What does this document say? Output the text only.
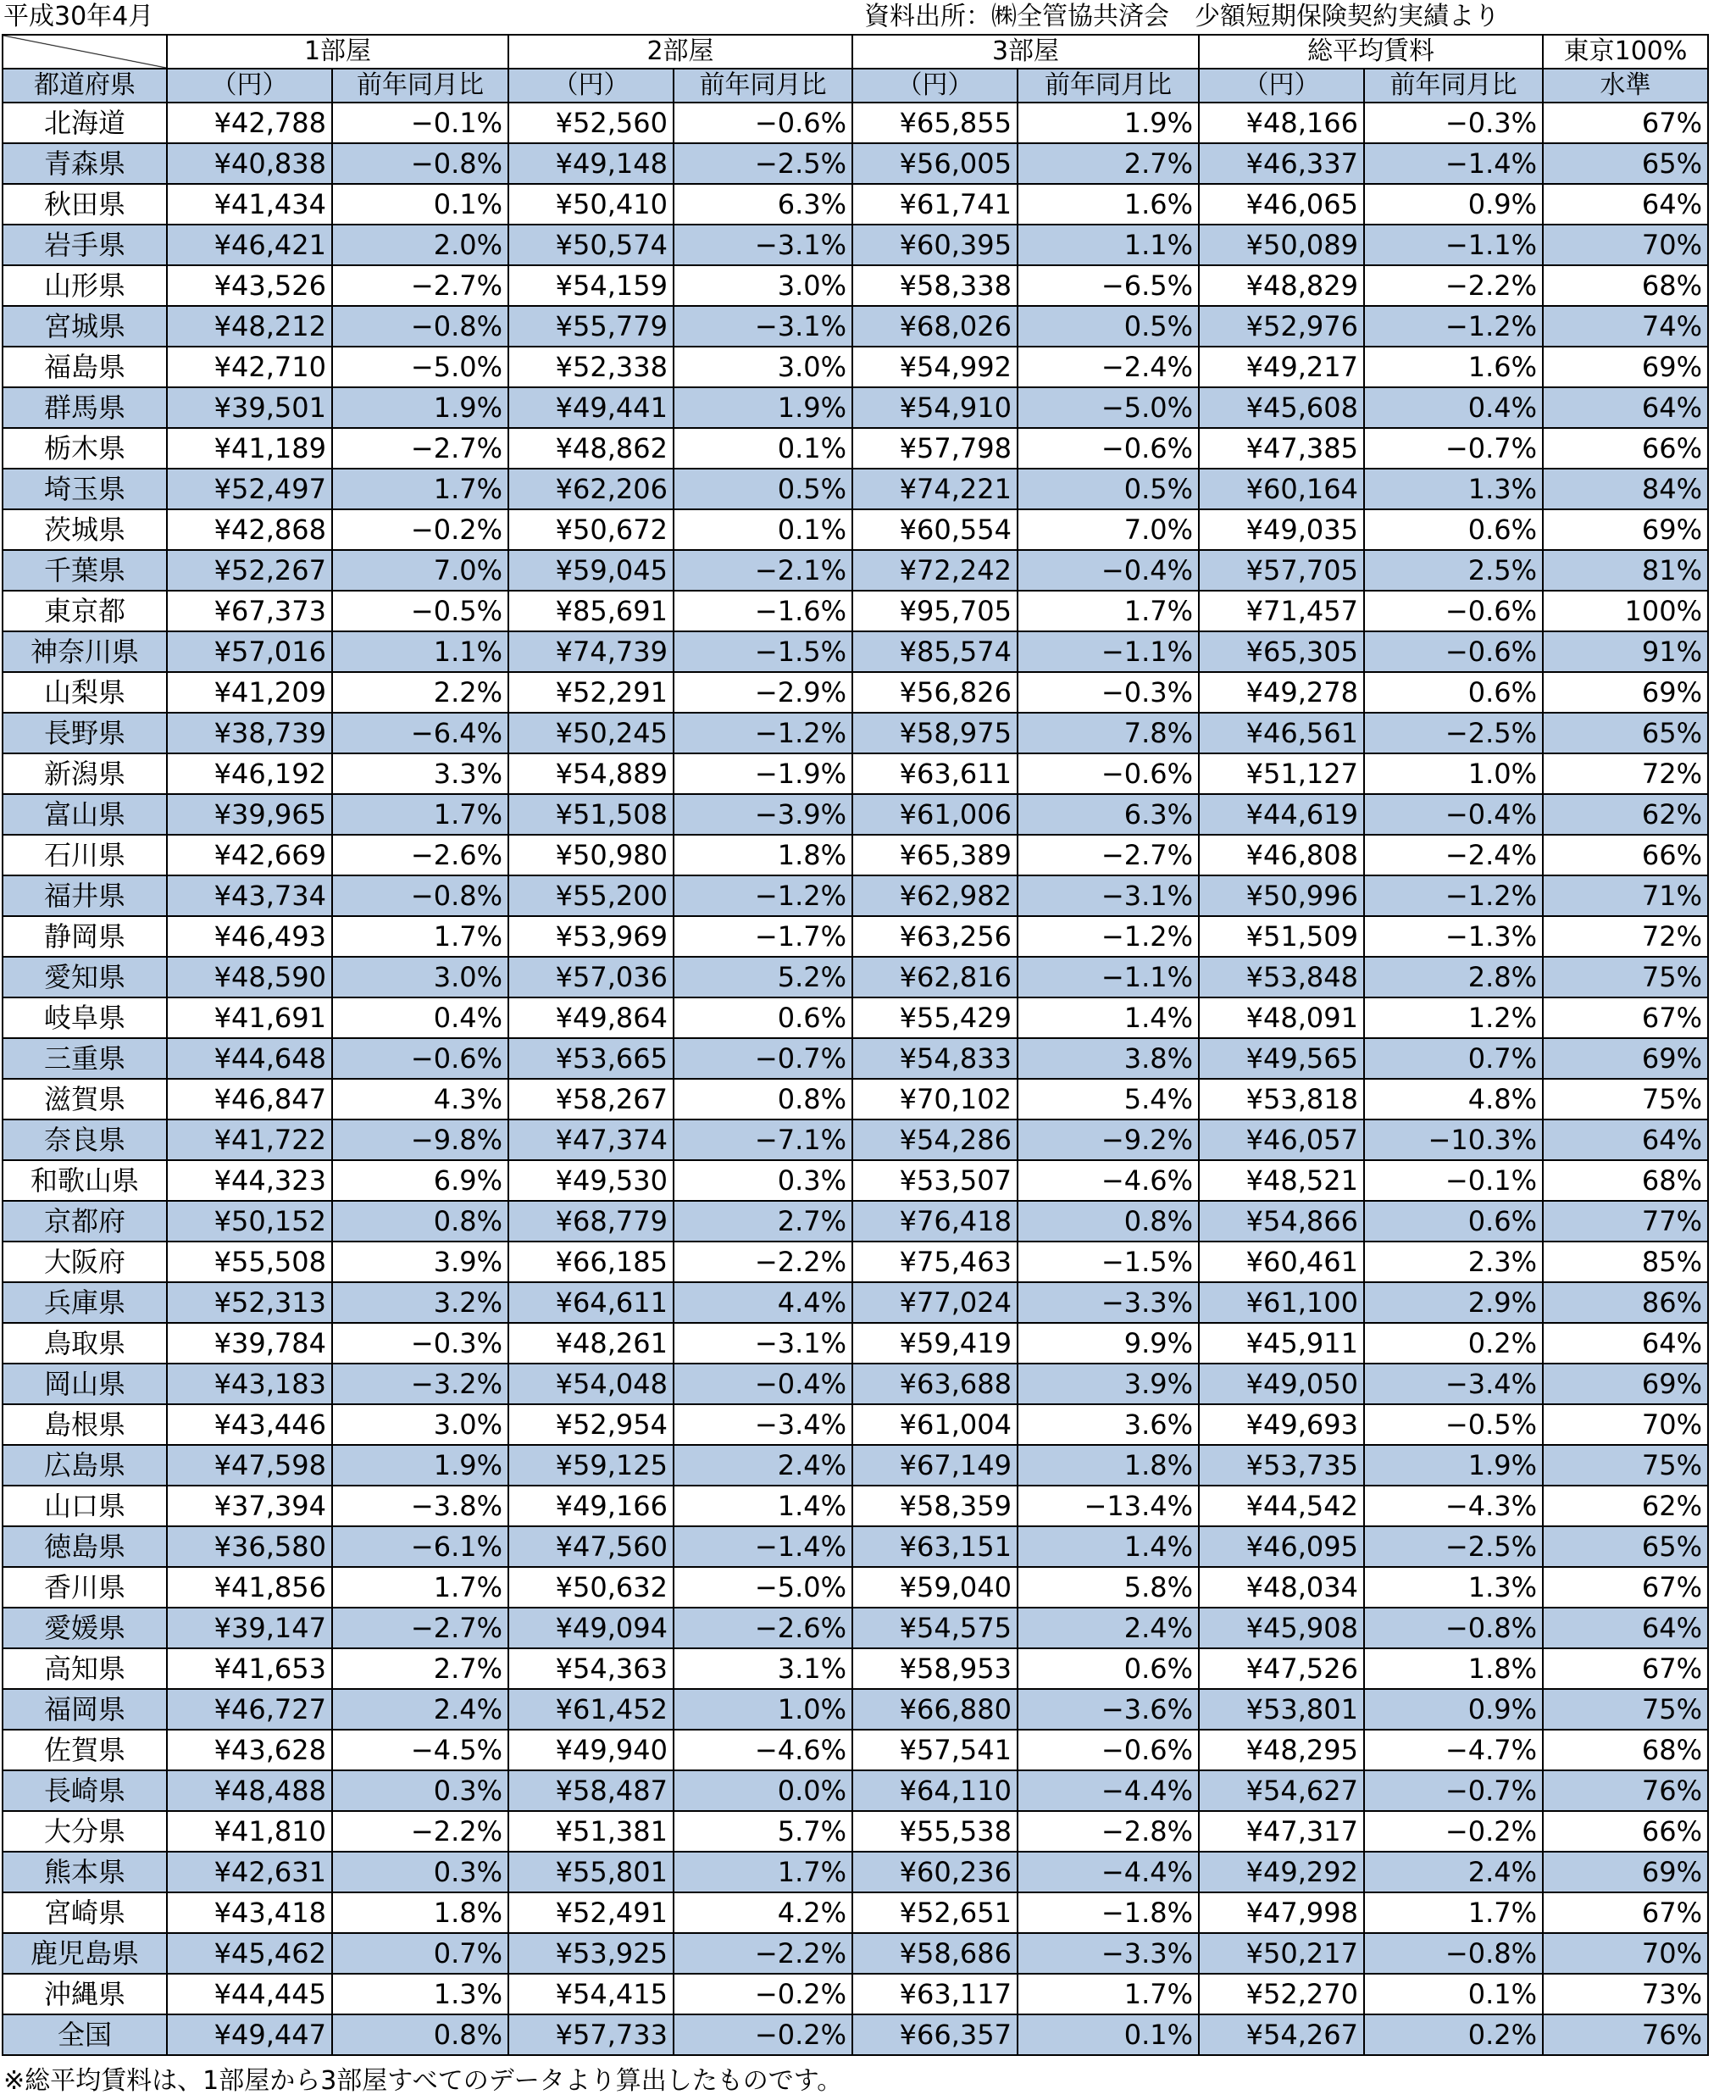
平成30年4月	資料出所：㈱全管協共済会　少額短期保険契約実績より
	1部屋		2部屋		3部屋		総平均賃料		東京100%
都道府県	（円）	前年同月比	（円）	前年同月比	（円）	前年同月比	（円）	前年同月比	水準
北海道	¥42,788	−0.1%	¥52,560	−0.6%	¥65,855	1.9%	¥48,166	−0.3%	67%
青森県	¥40,838	−0.8%	¥49,148	−2.5%	¥56,005	2.7%	¥46,337	−1.4%	65%
秋田県	¥41,434	0.1%	¥50,410	6.3%	¥61,741	1.6%	¥46,065	0.9%	64%
岩手県	¥46,421	2.0%	¥50,574	−3.1%	¥60,395	1.1%	¥50,089	−1.1%	70%
山形県	¥43,526	−2.7%	¥54,159	3.0%	¥58,338	−6.5%	¥48,829	−2.2%	68%
宮城県	¥48,212	−0.8%	¥55,779	−3.1%	¥68,026	0.5%	¥52,976	−1.2%	74%
福島県	¥42,710	−5.0%	¥52,338	3.0%	¥54,992	−2.4%	¥49,217	1.6%	69%
群馬県	¥39,501	1.9%	¥49,441	1.9%	¥54,910	−5.0%	¥45,608	0.4%	64%
栃木県	¥41,189	−2.7%	¥48,862	0.1%	¥57,798	−0.6%	¥47,385	−0.7%	66%
埼玉県	¥52,497	1.7%	¥62,206	0.5%	¥74,221	0.5%	¥60,164	1.3%	84%
茨城県	¥42,868	−0.2%	¥50,672	0.1%	¥60,554	7.0%	¥49,035	0.6%	69%
千葉県	¥52,267	7.0%	¥59,045	−2.1%	¥72,242	−0.4%	¥57,705	2.5%	81%
東京都	¥67,373	−0.5%	¥85,691	−1.6%	¥95,705	1.7%	¥71,457	−0.6%	100%
神奈川県	¥57,016	1.1%	¥74,739	−1.5%	¥85,574	−1.1%	¥65,305	−0.6%	91%
山梨県	¥41,209	2.2%	¥52,291	−2.9%	¥56,826	−0.3%	¥49,278	0.6%	69%
長野県	¥38,739	−6.4%	¥50,245	−1.2%	¥58,975	7.8%	¥46,561	−2.5%	65%
新潟県	¥46,192	3.3%	¥54,889	−1.9%	¥63,611	−0.6%	¥51,127	1.0%	72%
富山県	¥39,965	1.7%	¥51,508	−3.9%	¥61,006	6.3%	¥44,619	−0.4%	62%
石川県	¥42,669	−2.6%	¥50,980	1.8%	¥65,389	−2.7%	¥46,808	−2.4%	66%
福井県	¥43,734	−0.8%	¥55,200	−1.2%	¥62,982	−3.1%	¥50,996	−1.2%	71%
静岡県	¥46,493	1.7%	¥53,969	−1.7%	¥63,256	−1.2%	¥51,509	−1.3%	72%
愛知県	¥48,590	3.0%	¥57,036	5.2%	¥62,816	−1.1%	¥53,848	2.8%	75%
岐阜県	¥41,691	0.4%	¥49,864	0.6%	¥55,429	1.4%	¥48,091	1.2%	67%
三重県	¥44,648	−0.6%	¥53,665	−0.7%	¥54,833	3.8%	¥49,565	0.7%	69%
滋賀県	¥46,847	4.3%	¥58,267	0.8%	¥70,102	5.4%	¥53,818	4.8%	75%
奈良県	¥41,722	−9.8%	¥47,374	−7.1%	¥54,286	−9.2%	¥46,057	−10.3%	64%
和歌山県	¥44,323	6.9%	¥49,530	0.3%	¥53,507	−4.6%	¥48,521	−0.1%	68%
京都府	¥50,152	0.8%	¥68,779	2.7%	¥76,418	0.8%	¥54,866	0.6%	77%
大阪府	¥55,508	3.9%	¥66,185	−2.2%	¥75,463	−1.5%	¥60,461	2.3%	85%
兵庫県	¥52,313	3.2%	¥64,611	4.4%	¥77,024	−3.3%	¥61,100	2.9%	86%
鳥取県	¥39,784	−0.3%	¥48,261	−3.1%	¥59,419	9.9%	¥45,911	0.2%	64%
岡山県	¥43,183	−3.2%	¥54,048	−0.4%	¥63,688	3.9%	¥49,050	−3.4%	69%
島根県	¥43,446	3.0%	¥52,954	−3.4%	¥61,004	3.6%	¥49,693	−0.5%	70%
広島県	¥47,598	1.9%	¥59,125	2.4%	¥67,149	1.8%	¥53,735	1.9%	75%
山口県	¥37,394	−3.8%	¥49,166	1.4%	¥58,359	−13.4%	¥44,542	−4.3%	62%
徳島県	¥36,580	−6.1%	¥47,560	−1.4%	¥63,151	1.4%	¥46,095	−2.5%	65%
香川県	¥41,856	1.7%	¥50,632	−5.0%	¥59,040	5.8%	¥48,034	1.3%	67%
愛媛県	¥39,147	−2.7%	¥49,094	−2.6%	¥54,575	2.4%	¥45,908	−0.8%	64%
高知県	¥41,653	2.7%	¥54,363	3.1%	¥58,953	0.6%	¥47,526	1.8%	67%
福岡県	¥46,727	2.4%	¥61,452	1.0%	¥66,880	−3.6%	¥53,801	0.9%	75%
佐賀県	¥43,628	−4.5%	¥49,940	−4.6%	¥57,541	−0.6%	¥48,295	−4.7%	68%
長崎県	¥48,488	0.3%	¥58,487	0.0%	¥64,110	−4.4%	¥54,627	−0.7%	76%
大分県	¥41,810	−2.2%	¥51,381	5.7%	¥55,538	−2.8%	¥47,317	−0.2%	66%
熊本県	¥42,631	0.3%	¥55,801	1.7%	¥60,236	−4.4%	¥49,292	2.4%	69%
宮崎県	¥43,418	1.8%	¥52,491	4.2%	¥52,651	−1.8%	¥47,998	1.7%	67%
鹿児島県	¥45,462	0.7%	¥53,925	−2.2%	¥58,686	−3.3%	¥50,217	−0.8%	70%
沖縄県	¥44,445	1.3%	¥54,415	−0.2%	¥63,117	1.7%	¥52,270	0.1%	73%
全国	¥49,447	0.8%	¥57,733	−0.2%	¥66,357	0.1%	¥54,267	0.2%	76%
※総平均賃料は、1部屋から3部屋すべてのデータより算出したものです。
